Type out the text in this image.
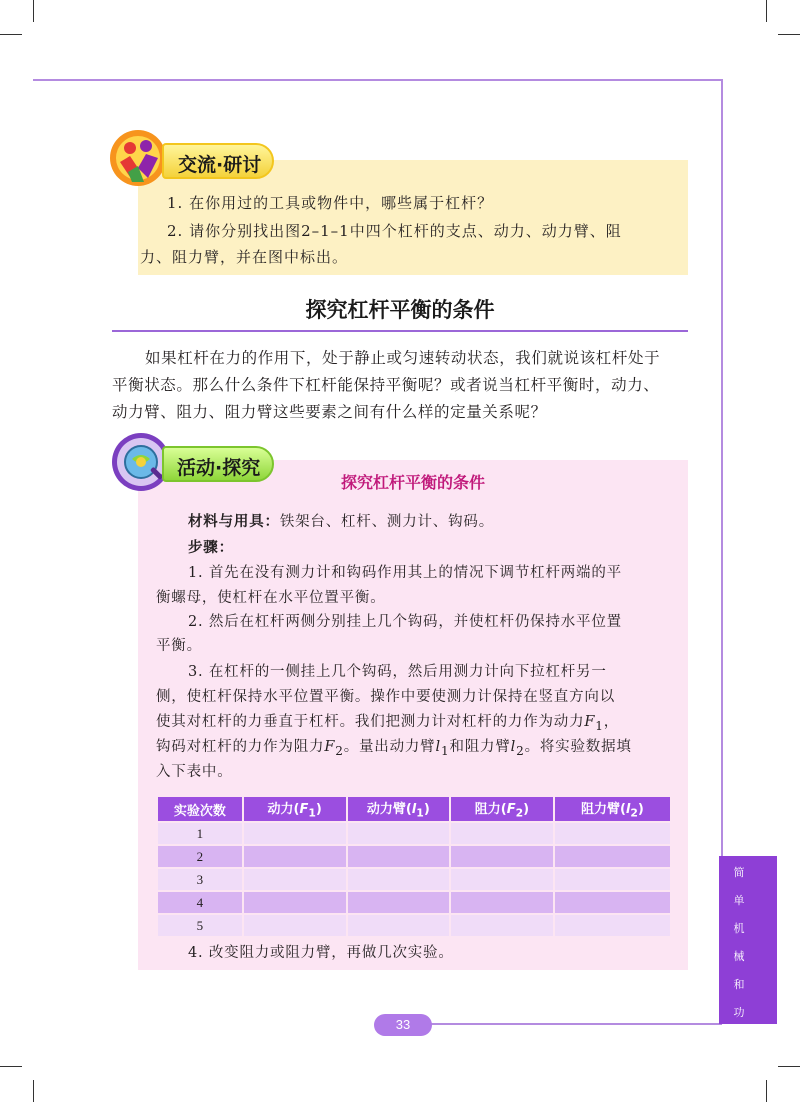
交流·研讨
1. 在你用过的工具或物件中，哪些属于杠杆？
2. 请你分别找出图2–1–1中四个杠杆的支点、动力、动力臂、阻
力、阻力臂，并在图中标出。
探究杠杆平衡的条件
如果杠杆在力的作用下，处于静止或匀速转动状态，我们就说该杠杆处于
平衡状态。那么什么条件下杠杆能保持平衡呢？或者说当杠杆平衡时，动力、
动力臂、阻力、阻力臂这些要素之间有什么样的定量关系呢？
活动·探究
探究杠杆平衡的条件
材料与用具：铁架台、杠杆、测力计、钩码。
步骤：
1. 首先在没有测力计和钩码作用其上的情况下调节杠杆两端的平
衡螺母，使杠杆在水平位置平衡。
2. 然后在杠杆两侧分别挂上几个钩码，并使杠杆仍保持水平位置
平衡。
3. 在杠杆的一侧挂上几个钩码，然后用测力计向下拉杠杆另一
侧，使杠杆保持水平位置平衡。操作中要使测力计保持在竖直方向以
使其对杠杆的力垂直于杠杆。我们把测力计对杠杆的力作为动力$F_1$，
钩码对杠杆的力作为阻力$F_2$。量出动力臂$l_1$和阻力臂$l_2$。将实验数据填
入下表中。
实验次数	动力$(F_1)$	动力臂$(l_1)$	阻力$(F_2)$	阻力臂$(l_2)$
1				
2				
3				
4				
5				
4. 改变阻力或阻力臂，再做几次实验。
简
单
机
械
和
功
33
